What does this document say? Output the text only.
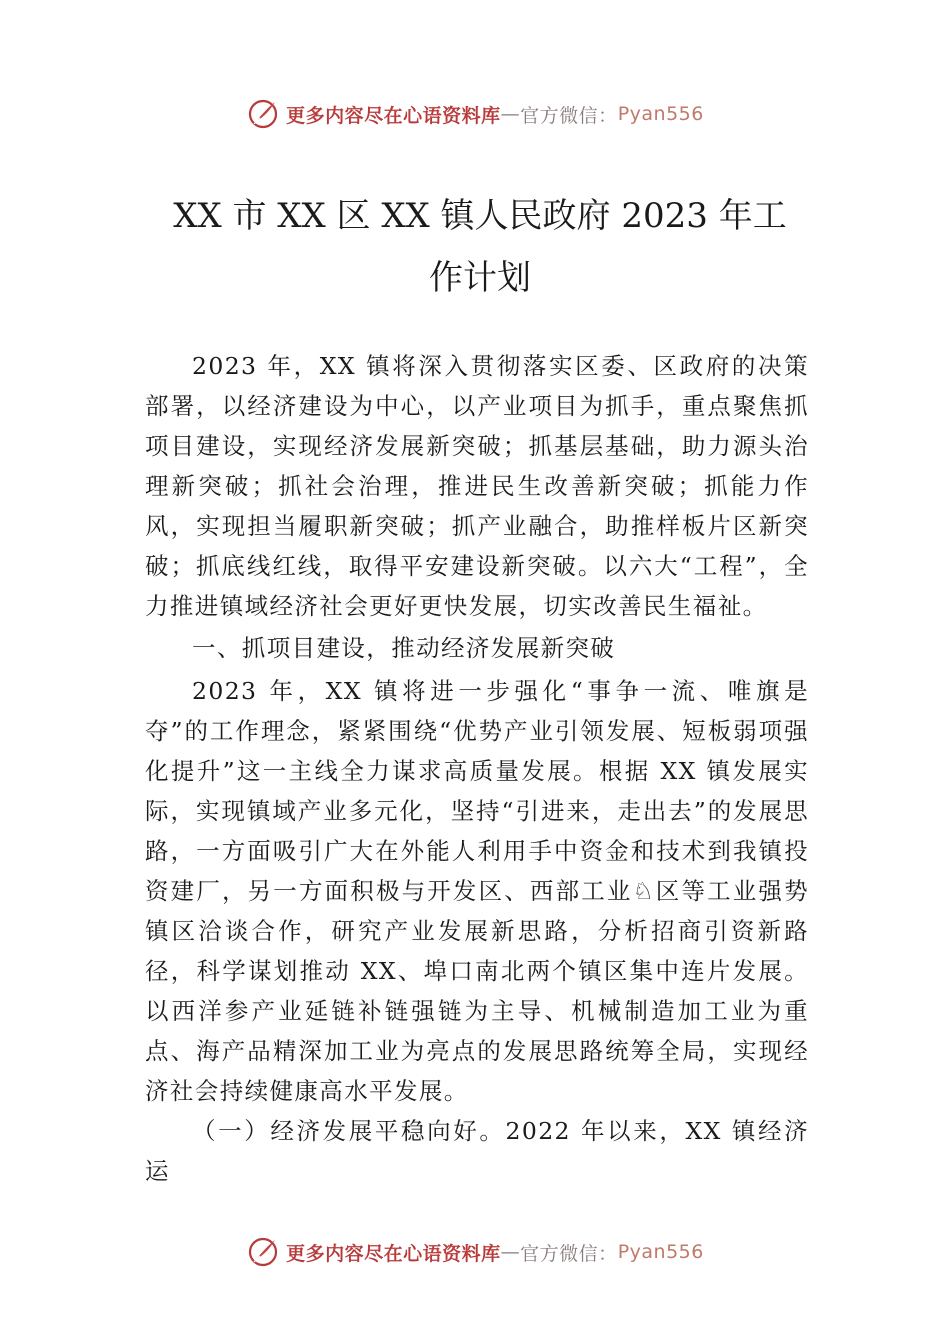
更多内容尽在心语资料库 — 官方微信： Pyan556
XX 市 XX 区 XX 镇人民政府 2023 年工
作计划

2023 年，XX 镇将深入贯彻落实区委、区政府的决策部署，以经济建设为中心，以产业项目为抓手，重点聚焦抓项目建设，实现经济发展新突破；抓基层基础，助力源头治理新突破；抓社会治理，推进民生改善新突破；抓能力作风，实现担当履职新突破；抓产业融合，助推样板片区新突破；抓底线红线，取得平安建设新突破。以六大“工程”，全力推进镇域经济社会更好更快发展，切实改善民生福祉。

一、抓项目建设，推动经济发展新突破

2023 年，XX 镇将进一步强化“事争一流、唯旗是夺”的工作理念，紧紧围绕“优势产业引领发展、短板弱项强化提升”这一主线全力谋求高质量发展。根据 XX 镇发展实际，实现镇域产业多元化，坚持“引进来，走出去”的发展思路，一方面吸引广大在外能人利用手中资金和技术到我镇投资建厂，另一方面积极与开发区、西部工业♘区等工业强势镇区洽谈合作，研究产业发展新思路，分析招商引资新路径，科学谋划推动 XX、埠口南北两个镇区集中连片发展。以西洋参产业延链补链强链为主导、机械制造加工业为重点、海产品精深加工业为亮点的发展思路统筹全局，实现经济社会持续健康高水平发展。

（一）经济发展平稳向好。2022 年以来，XX 镇经济运

更多内容尽在心语资料库 — 官方微信： Pyan556
